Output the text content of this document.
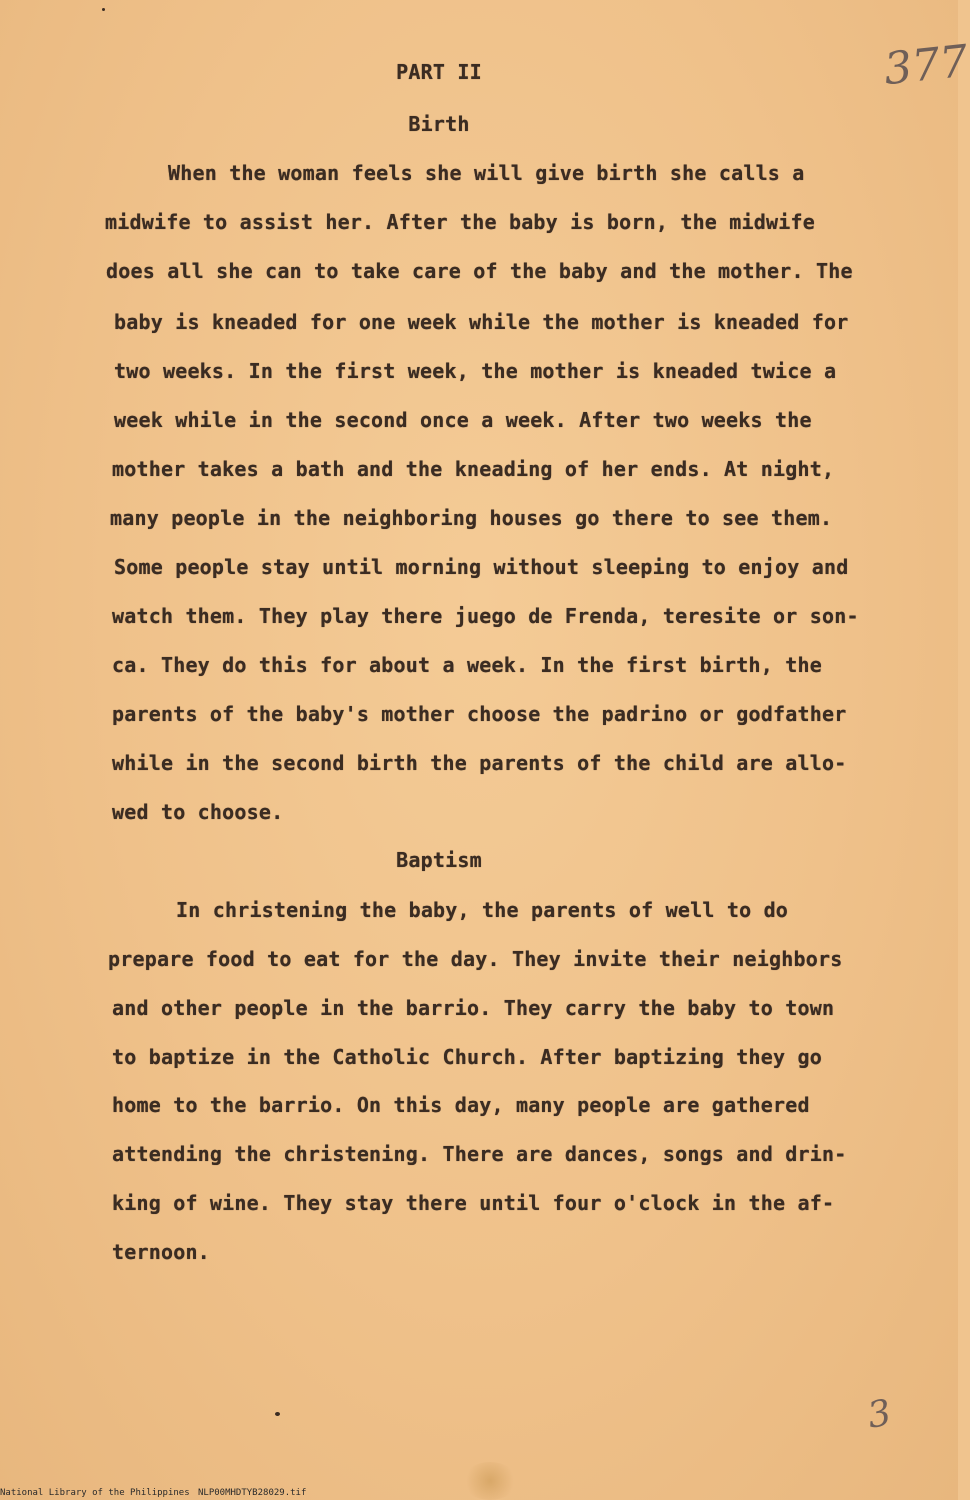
377
PART II
Birth
When the woman feels she will give birth she calls a
midwife to assist her. After the baby is born, the midwife
does all she can to take care of the baby and the mother. The
baby is kneaded for one week while the mother is kneaded for
two weeks. In the first week, the mother is kneaded twice a
week while in the second once a week. After two weeks the
mother takes a bath and the kneading of her ends. At night,
many people in the neighboring houses go there to see them.
Some people stay until morning without sleeping to enjoy and
watch them. They play there juego de Frenda, teresite or son-
ca. They do this for about a week. In the first birth, the
parents of the baby's mother choose the padrino or godfather
while in the second birth the parents of the child are allo-
wed to choose.
Baptism
In christening the baby, the parents of well to do
prepare food to eat for the day. They invite their neighbors
and other people in the barrio. They carry the baby to town
to baptize in the Catholic Church. After baptizing they go
home to the barrio. On this day, many people are gathered
attending the christening. There are dances, songs and drin-
king of wine. They stay there until four o'clock in the af-
ternoon.
3
National Library of the Philippines NLP00MHDTYB28029.tif
